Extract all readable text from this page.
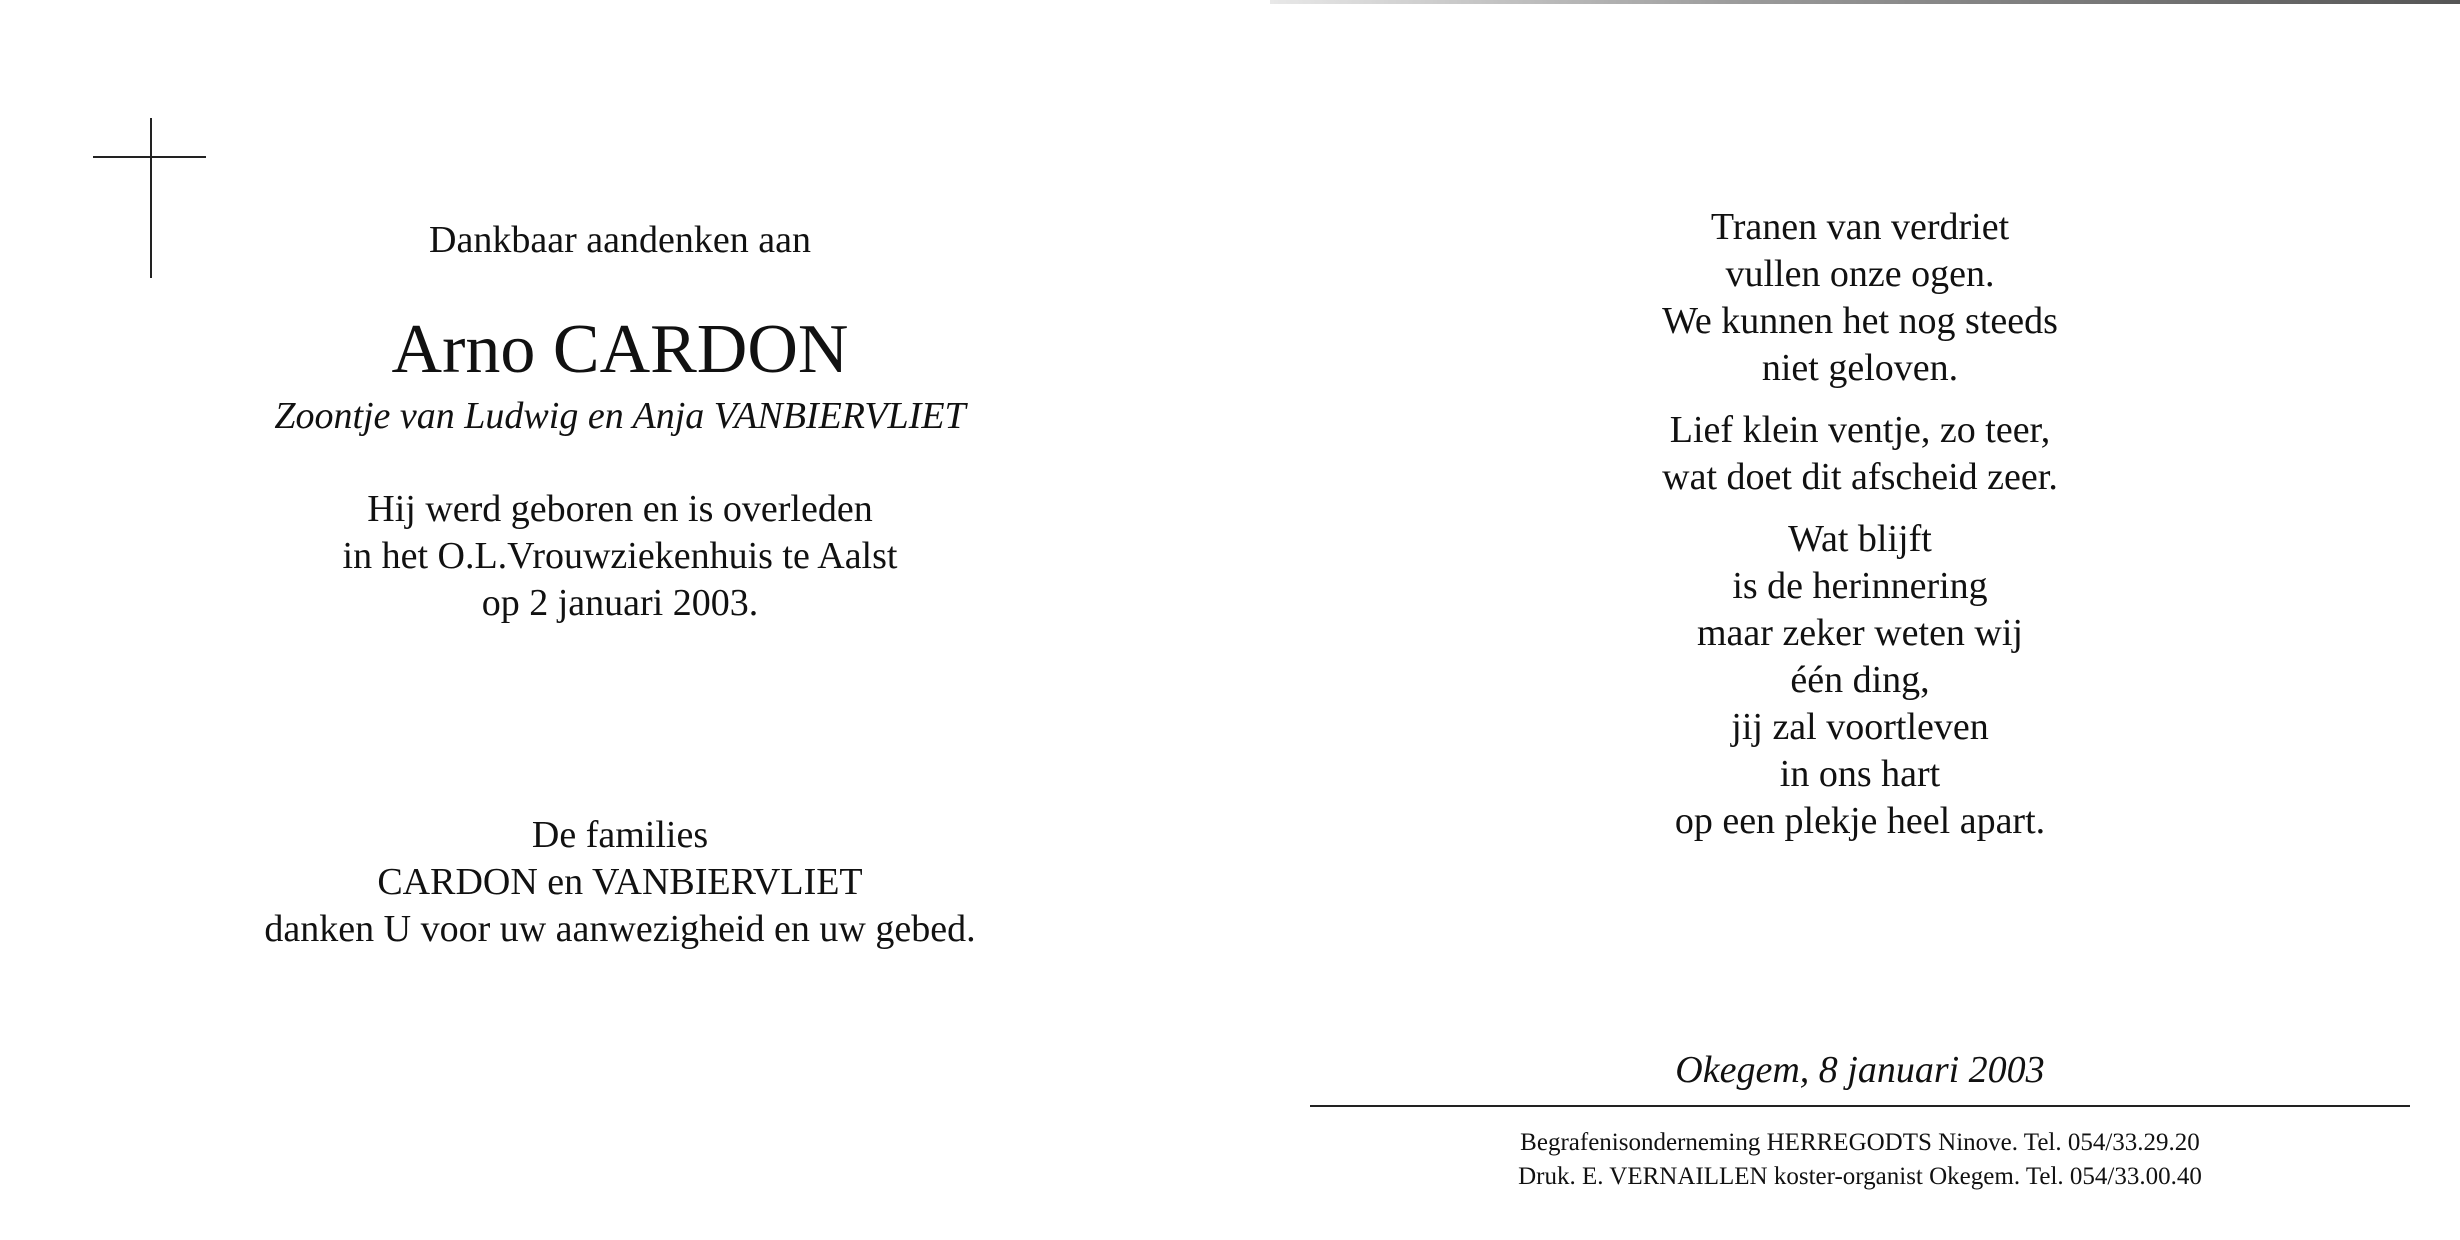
Dankbaar aandenken aan
Arno CARDON
Zoontje van Ludwig en Anja VANBIERVLIET
Hij werd geboren en is overleden
in het O.L.Vrouwziekenhuis te Aalst
op 2 januari 2003.
De families
CARDON en VANBIERVLIET
danken U voor uw aanwezigheid en uw gebed.
Tranen van verdriet
vullen onze ogen.
We kunnen het nog steeds
niet geloven.
Lief klein ventje, zo teer,
wat doet dit afscheid zeer.
Wat blijft
is de herinnering
maar zeker weten wij
één ding,
jij zal voortleven
in ons hart
op een plekje heel apart.
Okegem, 8 januari 2003
Begrafenisonderneming HERREGODTS Ninove. Tel. 054/33.29.20
Druk. E. VERNAILLEN koster-organist Okegem. Tel. 054/33.00.40
